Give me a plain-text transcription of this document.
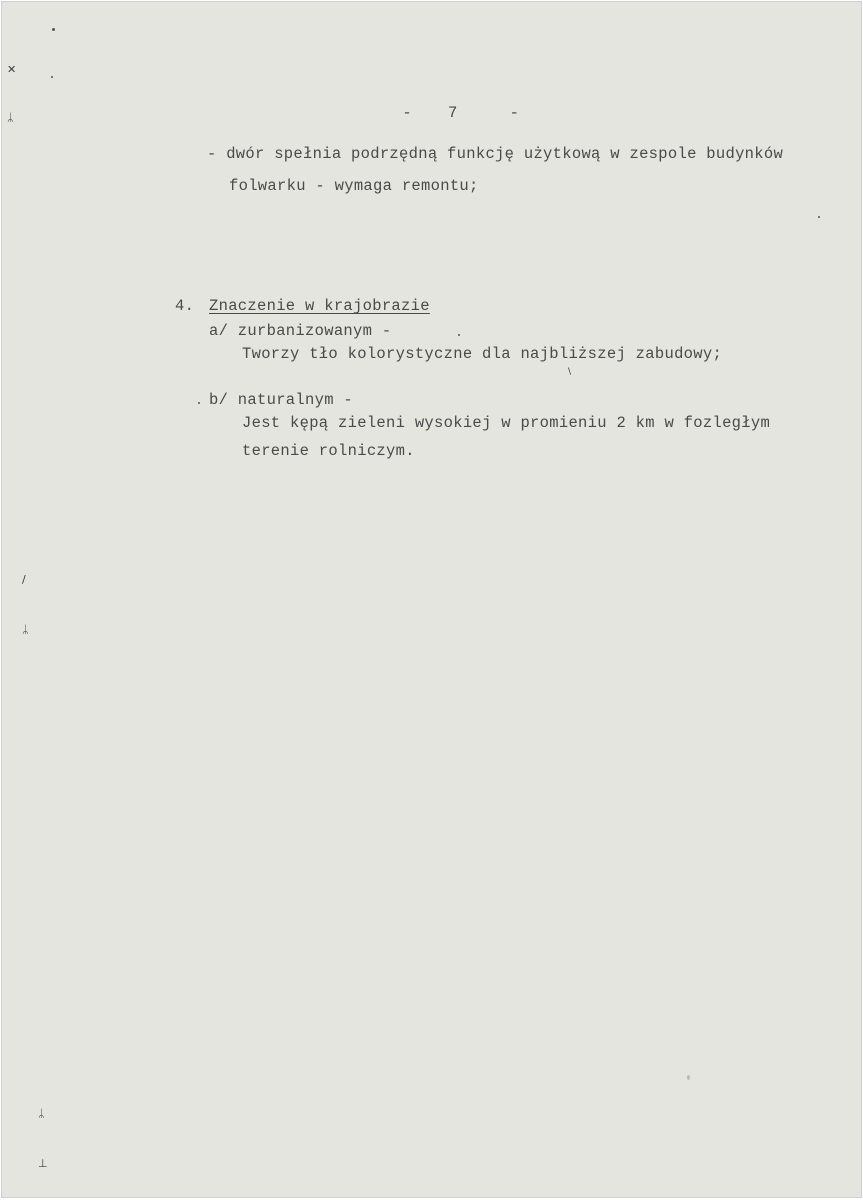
- 7	-

- dwór spełnia podrzędną funkcję użytkową w zespole budynków
folwarku - wymaga remontu;
4. Znaczenie w krajobrazie
a/ zurbanizowanym -
Tworzy tło kolorystyczne dla najbliższej zabudowy;
b/ naturalnym -
Jest kępą zieleni wysokiej w promieniu 2 km w fozległym
terenie rolniczym.
✕
ᛦ
/
ᛦ
ᛦ
⊥
\
